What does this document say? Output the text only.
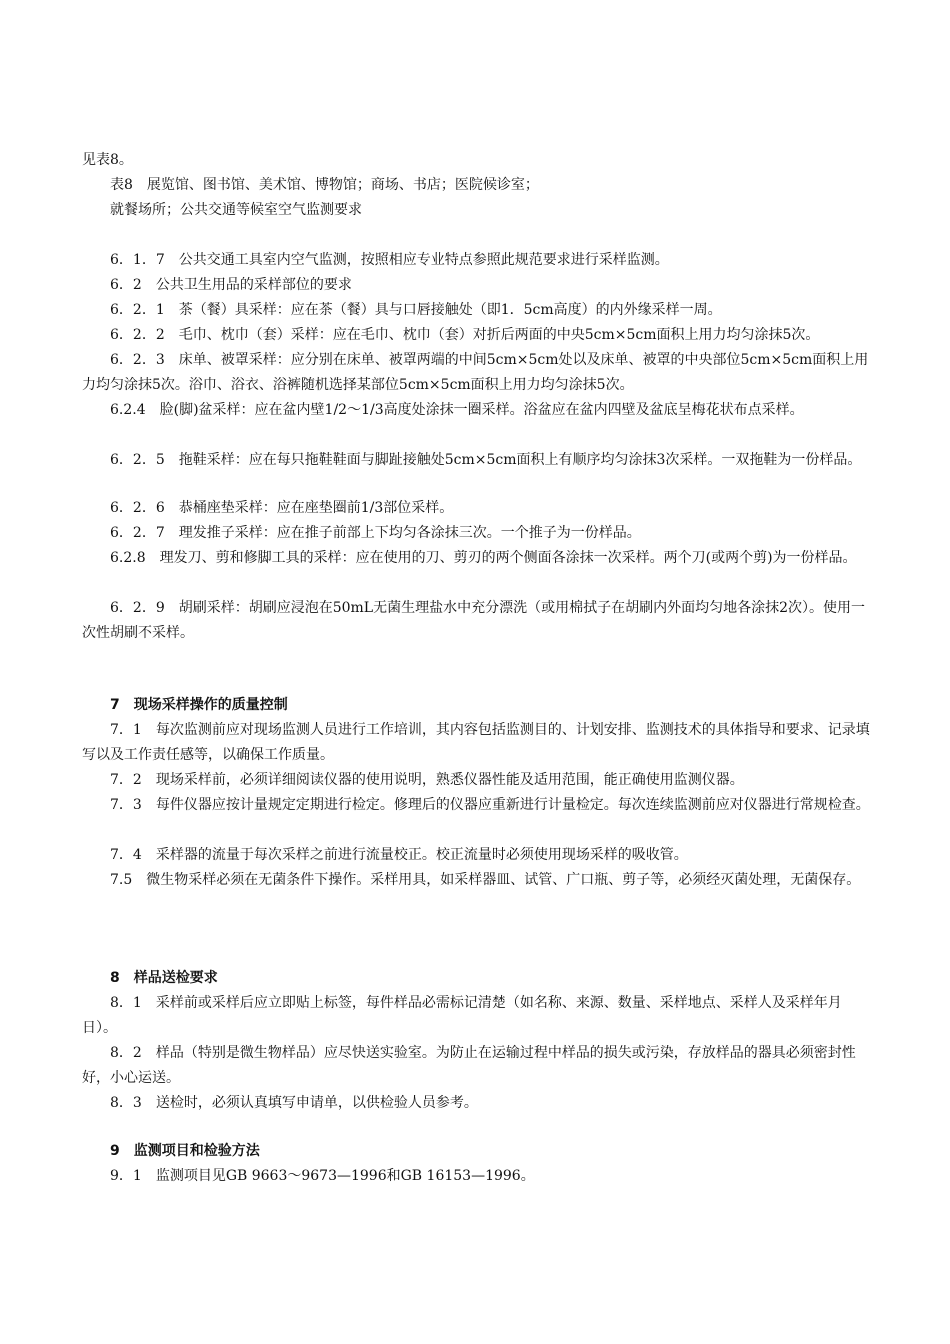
见表8。

表8　展览馆、图书馆、美术馆、博物馆；商场、书店；医院候诊室；

就餐场所；公共交通等候室空气监测要求

6．1．7　公共交通工具室内空气监测，按照相应专业特点参照此规范要求进行采样监测。

6．2　公共卫生用品的采样部位的要求

6．2．1　茶（餐）具采样：应在茶（餐）具与口唇接触处（即1．5cm高度）的内外缘采样一周。

6．2．2　毛巾、枕巾（套）采样：应在毛巾、枕巾（套）对折后两面的中央5cm×5cm面积上用力均匀涂抹5次。

6．2．3　床单、被罩采样：应分别在床单、被罩两端的中间5cm×5cm处以及床单、被罩的中央部位5cm×5cm面积上用力均匀涂抹5次。浴巾、浴衣、浴裤随机选择某部位5cm×5cm面积上用力均匀涂抹5次。

6.2.4　脸(脚)盆采样：应在盆内壁1/2～1/3高度处涂抹一圈采样。浴盆应在盆内四壁及盆底呈梅花状布点采样。

6．2．5　拖鞋采样：应在每只拖鞋鞋面与脚趾接触处5cm×5cm面积上有顺序均匀涂抹3次采样。一双拖鞋为一份样品。

6．2．6　恭桶座垫采样：应在座垫圈前1/3部位采样。

6．2．7　理发推子采样：应在推子前部上下均匀各涂抹三次。一个推子为一份样品。

6.2.8　理发刀、剪和修脚工具的采样：应在使用的刀、剪刃的两个侧面各涂抹一次采样。两个刀(或两个剪)为一份样品。

6．2．9　胡刷采样：胡刷应浸泡在50mL无菌生理盐水中充分漂洗（或用棉拭子在胡刷内外面均匀地各涂抹2次）。使用一次性胡刷不采样。

7　现场采样操作的质量控制

7．1　每次监测前应对现场监测人员进行工作培训，其内容包括监测目的、计划安排、监测技术的具体指导和要求、记录填写以及工作责任感等，以确保工作质量。

7．2　现场采样前，必须详细阅读仪器的使用说明，熟悉仪器性能及适用范围，能正确使用监测仪器。

7．3　每件仪器应按计量规定定期进行检定。修理后的仪器应重新进行计量检定。每次连续监测前应对仪器进行常规检查。

7．4　采样器的流量于每次采样之前进行流量校正。校正流量时必须使用现场采样的吸收管。

7.5　微生物采样必须在无菌条件下操作。采样用具，如采样器皿、试管、广口瓶、剪子等，必须经灭菌处理，无菌保存。

8　样品送检要求

8．1　采样前或采样后应立即贴上标签，每件样品必需标记清楚（如名称、来源、数量、采样地点、采样人及采样年月日）。

8．2　样品（特别是微生物样品）应尽快送实验室。为防止在运输过程中样品的损失或污染，存放样品的器具必须密封性好，小心运送。

8．3　送检时，必须认真填写申请单，以供检验人员参考。

9　监测项目和检验方法

9．1　监测项目见GB 9663～9673—1996和GB 16153—1996。
